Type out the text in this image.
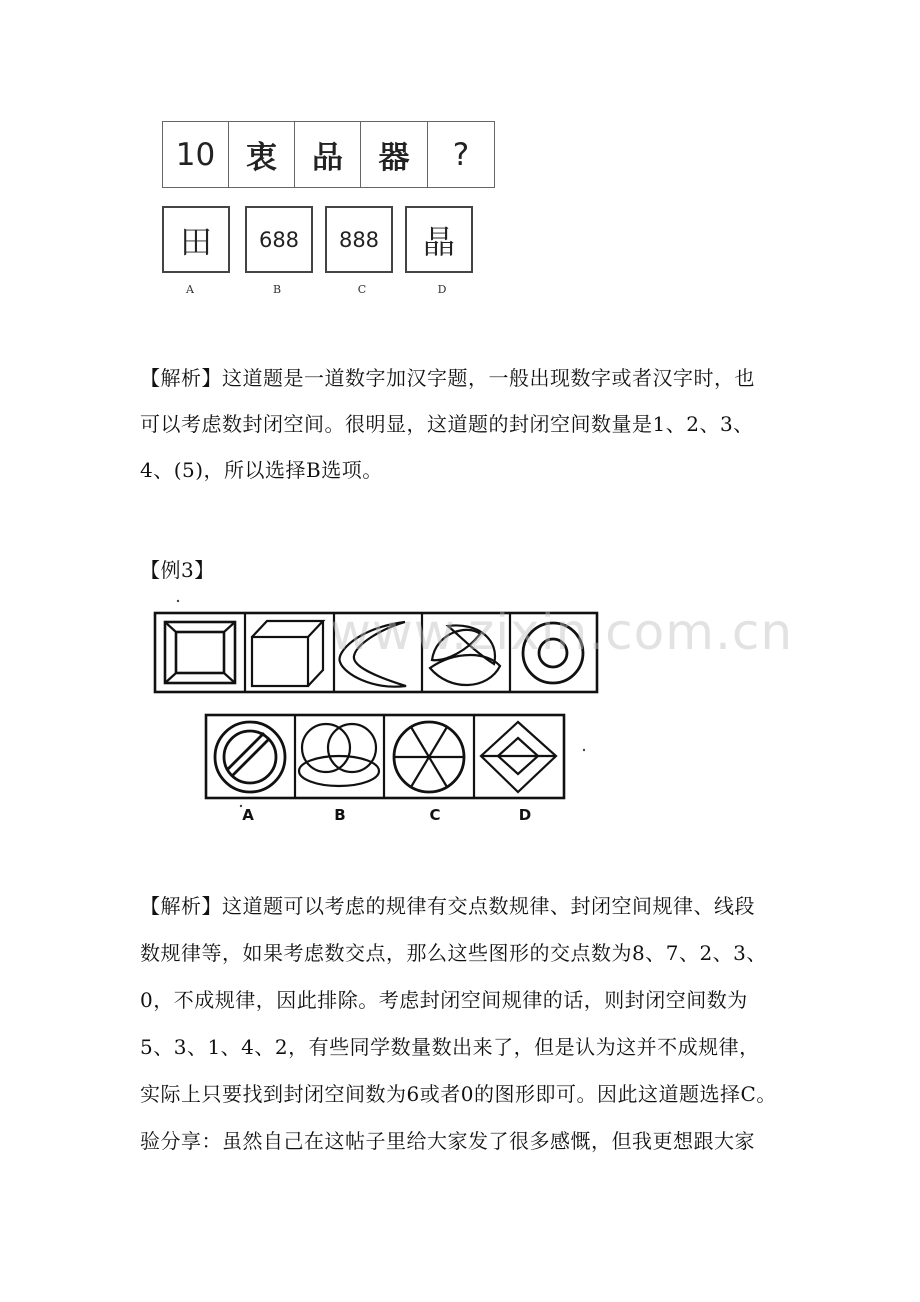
10 衷	品	器	?
田	688	888	晶
A	B	C	D

【解析】这道题是一道数字加汉字题，一般出现数字或者汉字时，也

可以考虑数封闭空间。很明显，这道题的封闭空间数量是1、2、3、

4、(5)，所以选择B选项。

【例3】

www.zixin.com.cn
A	B	C	D

【解析】这道题可以考虑的规律有交点数规律、封闭空间规律、线段

数规律等，如果考虑数交点，那么这些图形的交点数为8、7、2、3、

0，不成规律，因此排除。考虑封闭空间规律的话，则封闭空间数为

5、3、1、4、2，有些同学数量数出来了，但是认为这并不成规律，

实际上只要找到封闭空间数为6或者0的图形即可。因此这道题选择C。

验分享：虽然自己在这帖子里给大家发了很多感慨，但我更想跟大家
